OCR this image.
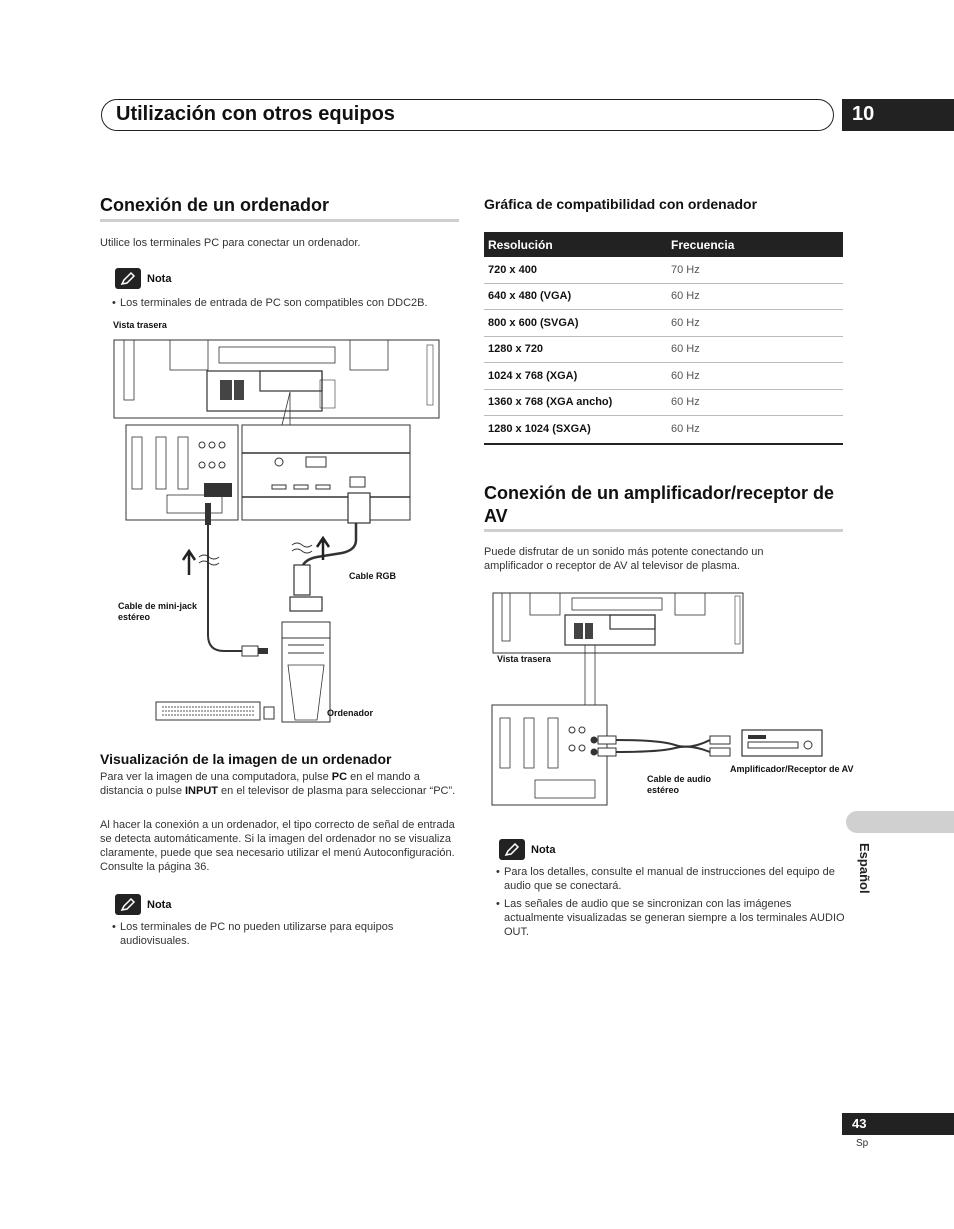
Utilización con otros equipos	10
Conexión de un ordenador
Utilice los terminales PC para conectar un ordenador.
Nota
• Los terminales de entrada de PC son compatibles con DDC2B.
Vista trasera
Cable RGB
Cable de mini-jack estéreo
Ordenador
Visualización de la imagen de un ordenador
Para ver la imagen de una computadora, pulse PC en el mando a distancia o pulse INPUT en el televisor de plasma para seleccionar “PC”.
Al hacer la conexión a un ordenador, el tipo correcto de señal de entrada se detecta automáticamente. Si la imagen del ordenador no se visualiza claramente, puede que sea necesario utilizar el menú Autoconfiguración. Consulte la página 36.
Nota
• Los terminales de PC no pueden utilizarse para equipos audiovisuales.
Gráfica de compatibilidad con ordenador
Resolución	Frecuencia
720 x 400	70 Hz
640 x 480 (VGA)	60 Hz
800 x 600 (SVGA)	60 Hz
1280 x 720	60 Hz
1024 x 768 (XGA)	60 Hz
1360 x 768 (XGA ancho)	60 Hz
1280 x 1024 (SXGA)	60 Hz
Conexión de un amplificador/receptor de AV
Puede disfrutar de un sonido más potente conectando un amplificador o receptor de AV al televisor de plasma.
Vista trasera
Cable de audio estéreo
Amplificador/Receptor de AV
Nota
• Para los detalles, consulte el manual de instrucciones del equipo de audio que se conectará.
• Las señales de audio que se sincronizan con las imágenes actualmente visualizadas se generan siempre a los terminales AUDIO OUT.
Español
43
Sp
